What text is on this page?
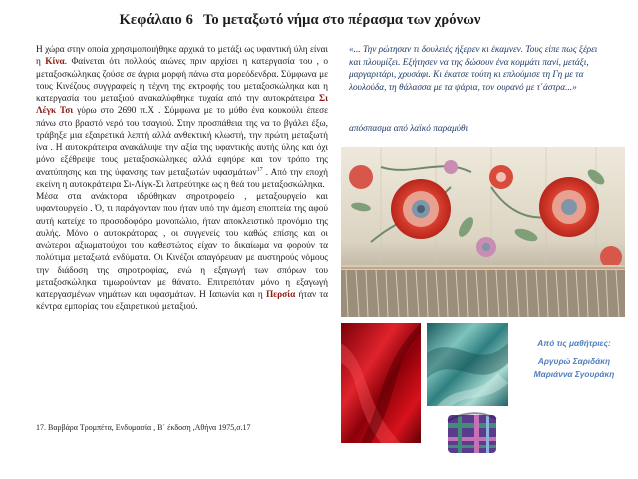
Κεφάλαιο 6 Το μεταξωτό νήμα στο πέρασμα των χρόνων

Η χώρα στην οποία χρησιμοποιήθηκε αρχικά το μετάξι ως υφαντική ύλη είναι η Κίνα. Φαίνεται ότι πολλούς αιώνες πριν αρχίσει η κατεργασία του , ο μεταξοσκώληκας ζούσε σε άγρια μορφή πάνω στα μορεόδενδρα. Σύμφωνα με τους Κινέζους συγγραφείς η τέχνη της εκτροφής του μεταξοσκώληκα και η κατεργασία του μεταξιού ανακαλύφθηκε τυχαία από την αυτοκράτειρα Σι Λέγκ Τσι γύρω στο 2690 π.Χ . Σύμφωνα με το μύθο ένα κουκούλι έπεσε πάνω στο βραστό νερό του τσαγιού. Στην προσπάθεια της να το βγάλει έξω, τράβηξε μια εξαιρετικά λεπτή αλλά ανθεκτική κλωστή, την πρώτη μεταξωτή ίνα . Η αυτοκράτειρα ανακάλυψε την αξία της υφαντικής αυτής ύλης και όχι μόνο εξέθρεψε τους μεταξοσκώληκες αλλά εφηύρε και τον τρόπο της ανατύπησης και της ύφανσης των μεταξωτών υφασμάτων$^{17}$ . Από την εποχή εκείνη η αυτοκράτειρα Σι-Λίγκ-Σι λατρεύτηκε ως η θεά του μεταξοσκώληκα.

Μέσα στα ανάκτορα ιδρύθηκαν σηροτροφείο , μεταξουργείο και υφαντουργείο . Ό, τι παράγονταν που ήταν υπό την άμεση εποπτεία της αφού αυτή κατείχε το προσοδοφόρο μονοπώλιο, ήταν αποκλειστικό προνόμιο της αυλής. Μόνο ο αυτοκράτορας , οι συγγενείς του καθώς επίσης και οι ανώτεροι αξιωματούχοι του καθεστώτος είχαν το δικαίωμα να φορούν τα πολύτιμα μεταξωτά ενδύματα. Οι Κινέζοι απαγόρευαν με αυστηρούς νόμους την διάδοση της σηροτροφίας, ενώ η εξαγωγή των σπόρων του μεταξοσκώληκα τιμωρούνταν με θάνατο. Επιτρεπόταν μόνο η εξαγωγή κατεργασμένων νημάτων και υφασμάτων. Η Ιαπωνία και η Περσία ήταν τα κέντρα εμπορίας του εξαιρετικού μεταξιού.

17. Βαρβάρα Τρομπέτα, Ενδυμασία , Β΄ έκδοση ,Αθήνα 1975,σ.17
«... Την ρώτησαν τι δουλειές ήξερεν κι έκαμνεν. Τους είπε πως ξέρει και πλουμίζει. Εξήτησεν να της δώσουν ένα κομμάτι πανί, μετάξι, μαργαριτάρι, χρυσάφι. Κι έκατσε τούτη κι επλούμισε τη Γη με τα λουλούδα, τη θάλασσα με τα ψάρια, τον ουρανό με τ΄άστρα...»
απόσπασμα από λαϊκό παραμύθι
Από τις μαθήτριες:
Αργυρώ Σαριδάκη
Μαριάννα Σγουράκη
